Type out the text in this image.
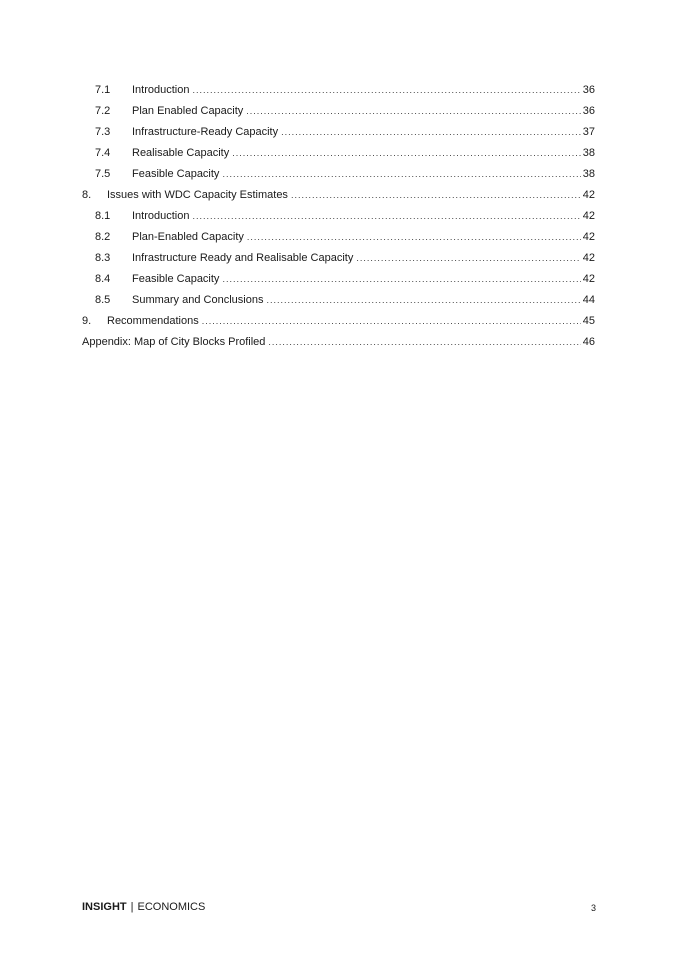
7.1	Introduction .....	36
7.2	Plan Enabled Capacity .....	36
7.3	Infrastructure-Ready Capacity .....	37
7.4	Realisable Capacity .....	38
7.5	Feasible Capacity .....	38
8.	Issues with WDC Capacity Estimates .....	42
8.1	Introduction .....	42
8.2	Plan-Enabled Capacity .....	42
8.3	Infrastructure Ready and Realisable Capacity .....	42
8.4	Feasible Capacity .....	42
8.5	Summary and Conclusions .....	44
9.	Recommendations .....	45
Appendix: Map of City Blocks Profiled .....	46
INSIGHT | ECONOMICS	3
